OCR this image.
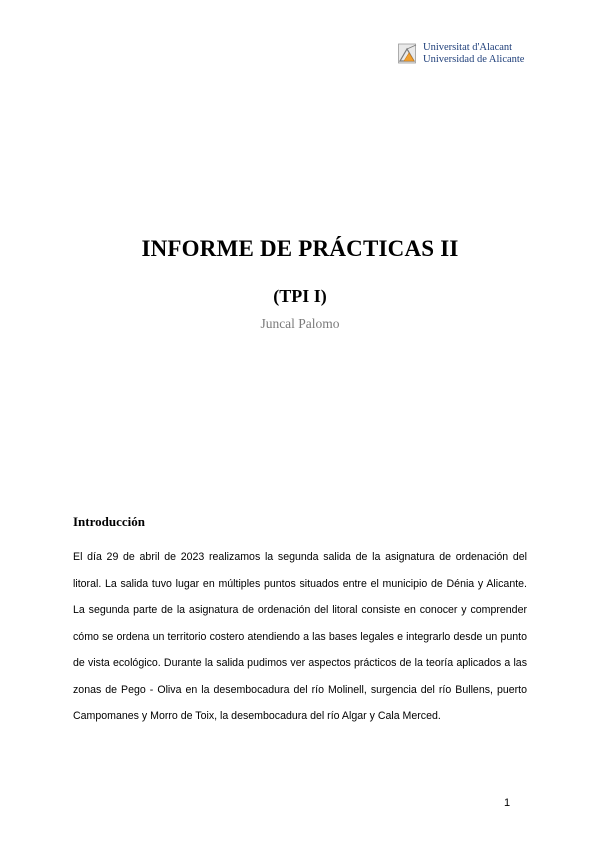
Universitat d'Alacant
Universidad de Alicante
INFORME DE PRÁCTICAS II
(TPI I)
Juncal Palomo
Introducción

El día 29 de abril de 2023 realizamos la segunda salida de la asignatura de ordenación del litoral. La salida tuvo lugar en múltiples puntos situados entre el municipio de Dénia y Alicante. La segunda parte de la asignatura de ordenación del litoral consiste en conocer y comprender cómo se ordena un territorio costero atendiendo a las bases legales e integrarlo desde un punto de vista ecológico. Durante la salida pudimos ver aspectos prácticos de la teoría aplicados a las zonas de Pego - Oliva en la desembocadura del río Molinell, surgencia del río Bullens, puerto Campomanes y Morro de Toix, la desembocadura del río Algar y Cala Merced.

1
